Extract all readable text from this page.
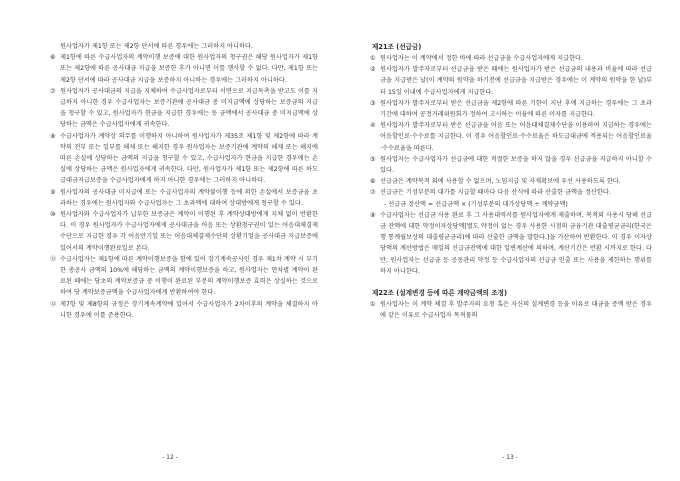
원사업자가 제1항 또는 제2항 단서에 따른 경우에는 그러하지 아니하다.
⑥ 제1항에 따른 수급사업자의 계약이행 보증에 대한 원사업자의 청구권은 해당 원사업자가 제1항 또는 제2항에 따른 공사대금 지급을 보증한 후가 아니면 이를 행사할 수 없다. 다만, 제1항 또는 제2항 단서에 따라 공사대금 지급을 보증하지 아니하는 경우에는 그러하지 아니하다.
⑦ 원사업자가 공사대금의 지급을 지체하여 수급사업자로부터 서면으로 지급독촉을 받고도 이를 지급하지 아니한 경우 수급사업자는 보증기관에 공사대금 중 미지급액에 상당하는 보증금의 지급을 청구할 수 있고, 원사업자가 현금을 지급한 경우에는 동 금액에서 공사대금 중 미지급액에 상당하는 금액은 수급사업자에게 귀속한다.
⑧ 수급사업자가 계약상 의무를 이행하지 아니하여 원사업자가 제35조 제1항 및 제2항에 따라 계약의 전부 또는 일부를 해제 또는 해지한 경우 원사업자는 보증기관에 계약의 해제 또는 해지에 따른 손실에 상당하는 금액의 지급을 청구할 수 있고, 수급사업자가 현금을 지급한 경우에는 손실에 상당하는 금액은 원사업자에게 귀속한다. 다만, 원사업자가 제1항 또는 제2항에 따른 하도급대금지급보증을 수급사업자에게 하지 아니한 경우에는 그러하지 아니하다.
⑨ 원사업자의 공사대금 미지급에 또는 수급사업자의 계약불이행 등에 의한 손실에서 보증금을 초과하는 경우에는 원사업자와 수급사업자는 그 초과액에 대하여 상대방에게 청구할 수 있다.
⑩ 원사업자와 수급사업자가 납부한 보증금은 계약이 이행된 후 계약상대방에게 지체 없이 반환한다. 이 경우 원사업자가 수급사업자에게 공사대금을 어음 또는 상환청구권이 있는 어음대체결제수단으로 지급한 경우 각 어음만기일 또는 어음대체결제수단의 상환기일을 공사대금 지급보증에 있어서의 계약이행완료일로 본다.
⑪ 수급사업자는 제1항에 따른 계약이행보증을 함에 있어 장기계속공사인 경우 제1차 계약 시 부기한 총공사 금액의 10%에 해당하는 금액의 계약이행보증을 하고, 원사업자는 연차별 계약이 완료된 때에는 당초의 계약보증금 중 이행이 완료된 부분의 계약이행보증 효력은 상실하는 것으로 하여 당 계약보증금액을 수급사업자에게 반환하여야 한다.
⑫ 제7항 및 제8항의 규정은 장기계속계약에 있어서 수급사업자가 2차이후의 계약을 체결하지 아니한 경우에 이를 준용한다.
- 12 -
제21조 (선급금)
① 원사업자는 이 계약에서 정한 바에 따라 선급금을 수급사업자에게 지급한다.
② 원사업자가 발주자로부터 선급금을 받은 때에는 원사업자가 받은 선급금의 내용과 비율에 따라 선급금을 지급받은 날(이 계약의 원약을 하기전에 선급금을 지급받은 경우에는 이 계약의 원약을 한 날)부터 15일 이내에 수급사업자에게 지급한다.
③ 원사업자가 발주자로부터 받은 선급금을 제2항에 따른 기한이 지난 후에 지급하는 경우에는 그 초과기간에 대하여 공정거래위원회가 정하여 고시하는 이율에 따른 이자를 지급한다.
④ 원사업자가 발주자로부터 받은 선급금을 어음 또는 어음대체결제수단을 이용하여 지급하는 경우에는 어음할인료·수수료를 지급한다. 이 경우 어음할인료·수수료율은 하도급대금에 적용되는 어음할인료율·수수료율을 따른다.
⑤ 원사업자는 수급사업자가 선급금에 대한 적절한 보증을 하지 않을 경우 선급금을 지급하지 아니할 수 있다.
⑥ 선급금은 계약목적 외에 사용할 수 없으며, 노임지급 및 자재확보에 우선 사용하도록 한다.
⑦ 선급금은 기성부분의 대가를 지급할 때마다 다음 산식에 따라 산출한 금액을 정산한다.
- 선급금 정산액 = 선급금액 × (기성부분의 대가상당액 ÷ 계약금액)
⑧ 수급사업자는 선급금 사용 완료 후 그 사용내역서를 원사업자에게 제출하며, 목적외 사용시 당해 선급금 잔액에 대한 약정이자상당액[별도 약정이 없는 경우 사용한 시점의 금융기관 대출평균금리(한국은행 통계월보상의 대출평균금리)에 따라 산출한 금액을 말한다.]을 가산하여 반환한다. 이 경우 이자상당액의 계산방법은 매일의 선급금잔액에 대한 일변계산에 의하며, 계산기간은 반환 시까지로 한다. 다만, 원사업자는 선급금 등 공동관리 약정 등 수급사업자의 선급금 인출 또는 사용을 제한하는 행위를 하지 아니한다.
제22조 (설계변경 등에 따른 계약금액의 조정)
① 원사업자는 이 계약 체결 후 발주자의 요청 혹은 자신의 설계변경 등을 이유로 대금을 증액 받은 경우에 같은 이유로 수급사업자 목적물의
- 13 -
